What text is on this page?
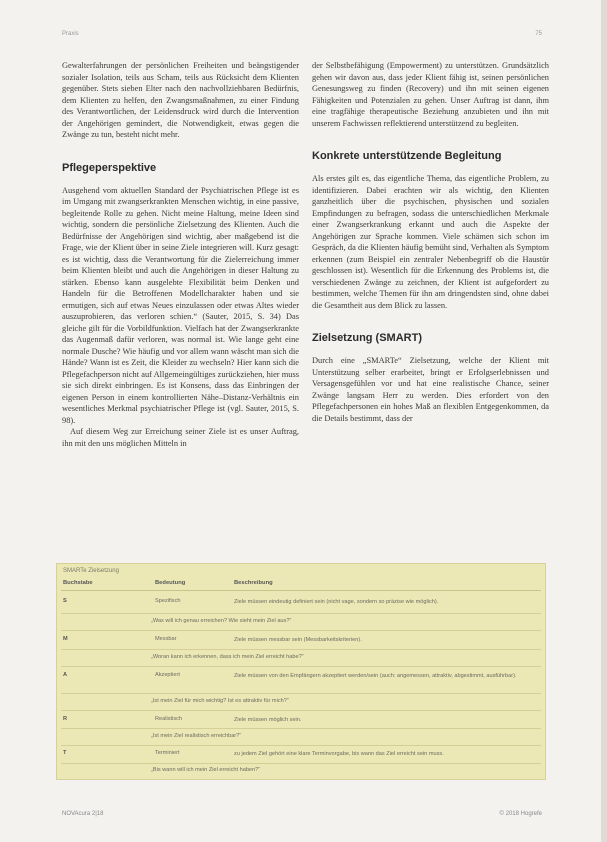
Praxis	75

Gewalterfahrungen der persönlichen Freiheiten und beängstigender sozialer Isolation, teils aus Scham, teils aus Rücksicht dem Klienten gegenüber. Stets sieben Elter nach den nachvollziehbaren Bedürfnis, dem Klienten zu helfen, den Zwangsmaßnahmen, zu einer Findung des Verantwortlichen, der Leidensdruck wird durch die Intervention der Angehörigen gemindert, die Notwendigkeit, etwas gegen die Zwänge zu tun, besteht nicht mehr.

Pflegeperspektive

Ausgehend vom aktuellen Standard der Psychiatrischen Pflege ist es im Umgang mit zwangserkrankten Menschen wichtig, in eine passive, begleitende Rolle zu gehen. Nicht meine Haltung, meine Ideen sind wichtig, sondern die persönliche Zielsetzung des Klienten. Auch die Bedürfnisse der Angehörigen sind wichtig, aber maßgebend ist die Frage, wie der Klient über in seine Ziele integrieren will. Kurz gesagt: es ist wichtig, dass die Verantwortung für die Zielerreichung immer beim Klienten bleibt und auch die Angehörigen in dieser Haltung zu stärken. Ebenso kann ausgelebte Flexibilität beim Denken und Handeln für die Betroffenen Modellcharakter haben und sie ermutigen, sich auf etwas Neues einzulassen oder etwas Altes wieder auszuprobieren, das verloren schien.“ (Sauter, 2015, S. 34) Das gleiche gilt für die Vorbildfunktion. Vielfach hat der Zwangserkrankte das Augenmaß dafür verloren, was normal ist. Wie lange geht eine normale Dusche? Wie häufig und vor allem wann wäscht man sich die Hände? Wann ist es Zeit, die Kleider zu wechseln? Hier kann sich die Pflegefachperson nicht auf Allgemeingültiges zurückziehen, hier muss sie sich direkt einbringen. Es ist Konsens, dass das Einbringen der eigenen Person in einem kontrollierten Nähe–Distanz-Verhältnis ein wesentliches Merkmal psychiatrischer Pflege ist (vgl. Sauter, 2015, S. 98).

Auf diesem Weg zur Erreichung seiner Ziele ist es unser Auftrag, ihn mit den uns möglichen Mitteln in

der Selbstbefähigung (Empowerment) zu unterstützen. Grundsätzlich gehen wir davon aus, dass jeder Klient fähig ist, seinen persönlichen Genesungsweg zu finden (Recovery) und ihn mit seinen eigenen Fähigkeiten und Potenzialen zu gehen. Unser Auftrag ist dann, ihm eine tragfähige therapeutische Beziehung anzubieten und ihn mit unserem Fachwissen reflektierend unterstützend zu begleiten.

Konkrete unterstützende Begleitung

Als erstes gilt es, das eigentliche Thema, das eigentliche Problem, zu identifizieren. Dabei erachten wir als wichtig, den Klienten ganzheitlich über die psychischen, physischen und sozialen Empfindungen zu befragen, sodass die unterschiedlichen Merkmale einer Zwangserkrankung erkannt und auch die Aspekte der Angehörigen zur Sprache kommen. Viele schämen sich schon im Gespräch, da die Klienten häufig bemüht sind, Verhalten als Symptom erkennen (zum Beispiel ein zentraler Nebenbegriff ob die Haustür geschlossen ist). Wesentlich für die Erkennung des Problems ist, die verschiedenen Zwänge zu zeichnen, der Klient ist aufgefordert zu bestimmen, welche Themen für ihn am dringendsten sind, ohne dabei die Gesamtheit aus dem Blick zu lassen.

Zielsetzung (SMART)

Durch eine „SMARTe“ Zielsetzung, welche der Klient mit Unterstützung selber erarbeitet, bringt er Erfolgserlebnissen und Versagensgefühlen vor und hat eine realistische Chance, seiner Zwänge langsam Herr zu werden. Dies erfordert von den Pflegefachpersonen ein hohes Maß an flexiblen Entgegenkommen, da die Details bestimmt, dass der

SMARTe Zielsetzung
Buchstabe	Bedeutung	Beschreibung
S	Spezifisch	Ziele müssen eindeutig definiert sein (nicht vage, sondern so präzise wie möglich).
„Was will ich genau erreichen? Wie sieht mein Ziel aus?“
M	Messbar	Ziele müssen messbar sein (Messbarkeitskriterien).
„Woran kann ich erkennen, dass ich mein Ziel erreicht habe?“
A	Akzeptiert	Ziele müssen von den Empfängern akzeptiert werden/sein (auch: angemessen, attraktiv, abgestimmt, ausführbar).
„Ist mein Ziel für mich wichtig? Ist es attraktiv für mich?“
R	Realistisch	Ziele müssen möglich sein.
„Ist mein Ziel realistisch erreichbar?“
T	Terminiert	zu jedem Ziel gehört eine klare Terminvorgabe, bis wann das Ziel erreicht sein muss.
„Bis wann will ich mein Ziel erreicht haben?“
NOVAcura 2|18	© 2018 Hogrefe
